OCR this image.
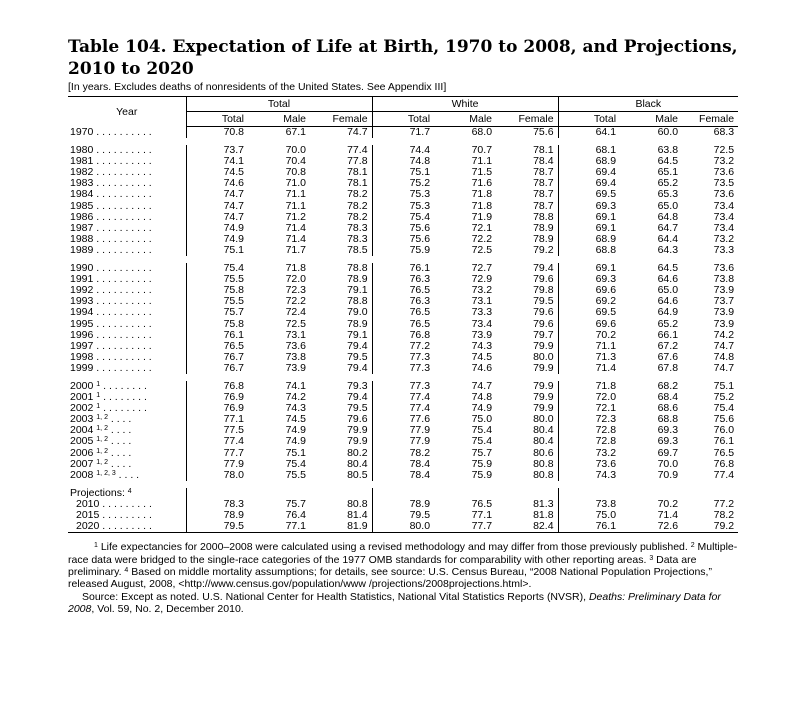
Table 104. Expectation of Life at Birth, 1970 to 2008, and Projections, 2010 to 2020
[In years. Excludes deaths of nonresidents of the United States. See Appendix III]
Year	Total			White			Black		
	Total	Male	Female	Total	Male	Female	Total	Male	Female
1970 . . . . . . . . . .	70.8	67.1	74.7	71.7	68.0	75.6	64.1	60.0	68.3

1980 . . . . . . . . . .	73.7	70.0	77.4	74.4	70.7	78.1	68.1	63.8	72.5
1981 . . . . . . . . . .	74.1	70.4	77.8	74.8	71.1	78.4	68.9	64.5	73.2
1982 . . . . . . . . . .	74.5	70.8	78.1	75.1	71.5	78.7	69.4	65.1	73.6
1983 . . . . . . . . . .	74.6	71.0	78.1	75.2	71.6	78.7	69.4	65.2	73.5
1984 . . . . . . . . . .	74.7	71.1	78.2	75.3	71.8	78.7	69.5	65.3	73.6
1985 . . . . . . . . . .	74.7	71.1	78.2	75.3	71.8	78.7	69.3	65.0	73.4
1986 . . . . . . . . . .	74.7	71.2	78.2	75.4	71.9	78.8	69.1	64.8	73.4
1987 . . . . . . . . . .	74.9	71.4	78.3	75.6	72.1	78.9	69.1	64.7	73.4
1988 . . . . . . . . . .	74.9	71.4	78.3	75.6	72.2	78.9	68.9	64.4	73.2
1989 . . . . . . . . . .	75.1	71.7	78.5	75.9	72.5	79.2	68.8	64.3	73.3

1990 . . . . . . . . . .	75.4	71.8	78.8	76.1	72.7	79.4	69.1	64.5	73.6
1991 . . . . . . . . . .	75.5	72.0	78.9	76.3	72.9	79.6	69.3	64.6	73.8
1992 . . . . . . . . . .	75.8	72.3	79.1	76.5	73.2	79.8	69.6	65.0	73.9
1993 . . . . . . . . . .	75.5	72.2	78.8	76.3	73.1	79.5	69.2	64.6	73.7
1994 . . . . . . . . . .	75.7	72.4	79.0	76.5	73.3	79.6	69.5	64.9	73.9
1995 . . . . . . . . . .	75.8	72.5	78.9	76.5	73.4	79.6	69.6	65.2	73.9
1996 . . . . . . . . . .	76.1	73.1	79.1	76.8	73.9	79.7	70.2	66.1	74.2
1997 . . . . . . . . . .	76.5	73.6	79.4	77.2	74.3	79.9	71.1	67.2	74.7
1998 . . . . . . . . . .	76.7	73.8	79.5	77.3	74.5	80.0	71.3	67.6	74.8
1999 . . . . . . . . . .	76.7	73.9	79.4	77.3	74.6	79.9	71.4	67.8	74.7

2000 $^1$ . . . . . . . .	76.8	74.1	79.3	77.3	74.7	79.9	71.8	68.2	75.1
2001 $^1$ . . . . . . . .	76.9	74.2	79.4	77.4	74.8	79.9	72.0	68.4	75.2
2002 $^1$ . . . . . . . .	76.9	74.3	79.5	77.4	74.9	79.9	72.1	68.6	75.4
2003 $^{1, 2}$ . . . .	77.1	74.5	79.6	77.6	75.0	80.0	72.3	68.8	75.6
2004 $^{1, 2}$ . . . .	77.5	74.9	79.9	77.9	75.4	80.4	72.8	69.3	76.0
2005 $^{1, 2}$ . . . .	77.4	74.9	79.9	77.9	75.4	80.4	72.8	69.3	76.1
2006 $^{1, 2}$ . . . .	77.7	75.1	80.2	78.2	75.7	80.6	73.2	69.7	76.5
2007 $^{1, 2}$ . . . .	77.9	75.4	80.4	78.4	75.9	80.8	73.6	70.0	76.8
2008 $^{1, 2, 3}$ . . . .	78.0	75.5	80.5	78.4	75.9	80.8	74.3	70.9	77.4

Projections: $^4$									
2010 . . . . . . . . .	78.3	75.7	80.8	78.9	76.5	81.3	73.8	70.2	77.2
2015 . . . . . . . . .	78.9	76.4	81.4	79.5	77.1	81.8	75.0	71.4	78.2
2020 . . . . . . . . .	79.5	77.1	81.9	80.0	77.7	82.4	76.1	72.6	79.2

$^1$ Life expectancies for 2000–2008 were calculated using a revised methodology and may differ from those previously published. $^2$ Multiple-race data were bridged to the single-race categories of the 1977 OMB standards for comparability with other reporting areas. $^3$ Data are preliminary. $^4$ Based on middle mortality assumptions; for details, see source: U.S. Census Bureau, “2008 National Population Projections,” released August, 2008, <http://www.census.gov/population/www /projections/2008projections.html>.

Source: Except as noted. U.S. National Center for Health Statistics, National Vital Statistics Reports (NVSR), Deaths: Preliminary Data for 2008, Vol. 59, No. 2, December 2010.
